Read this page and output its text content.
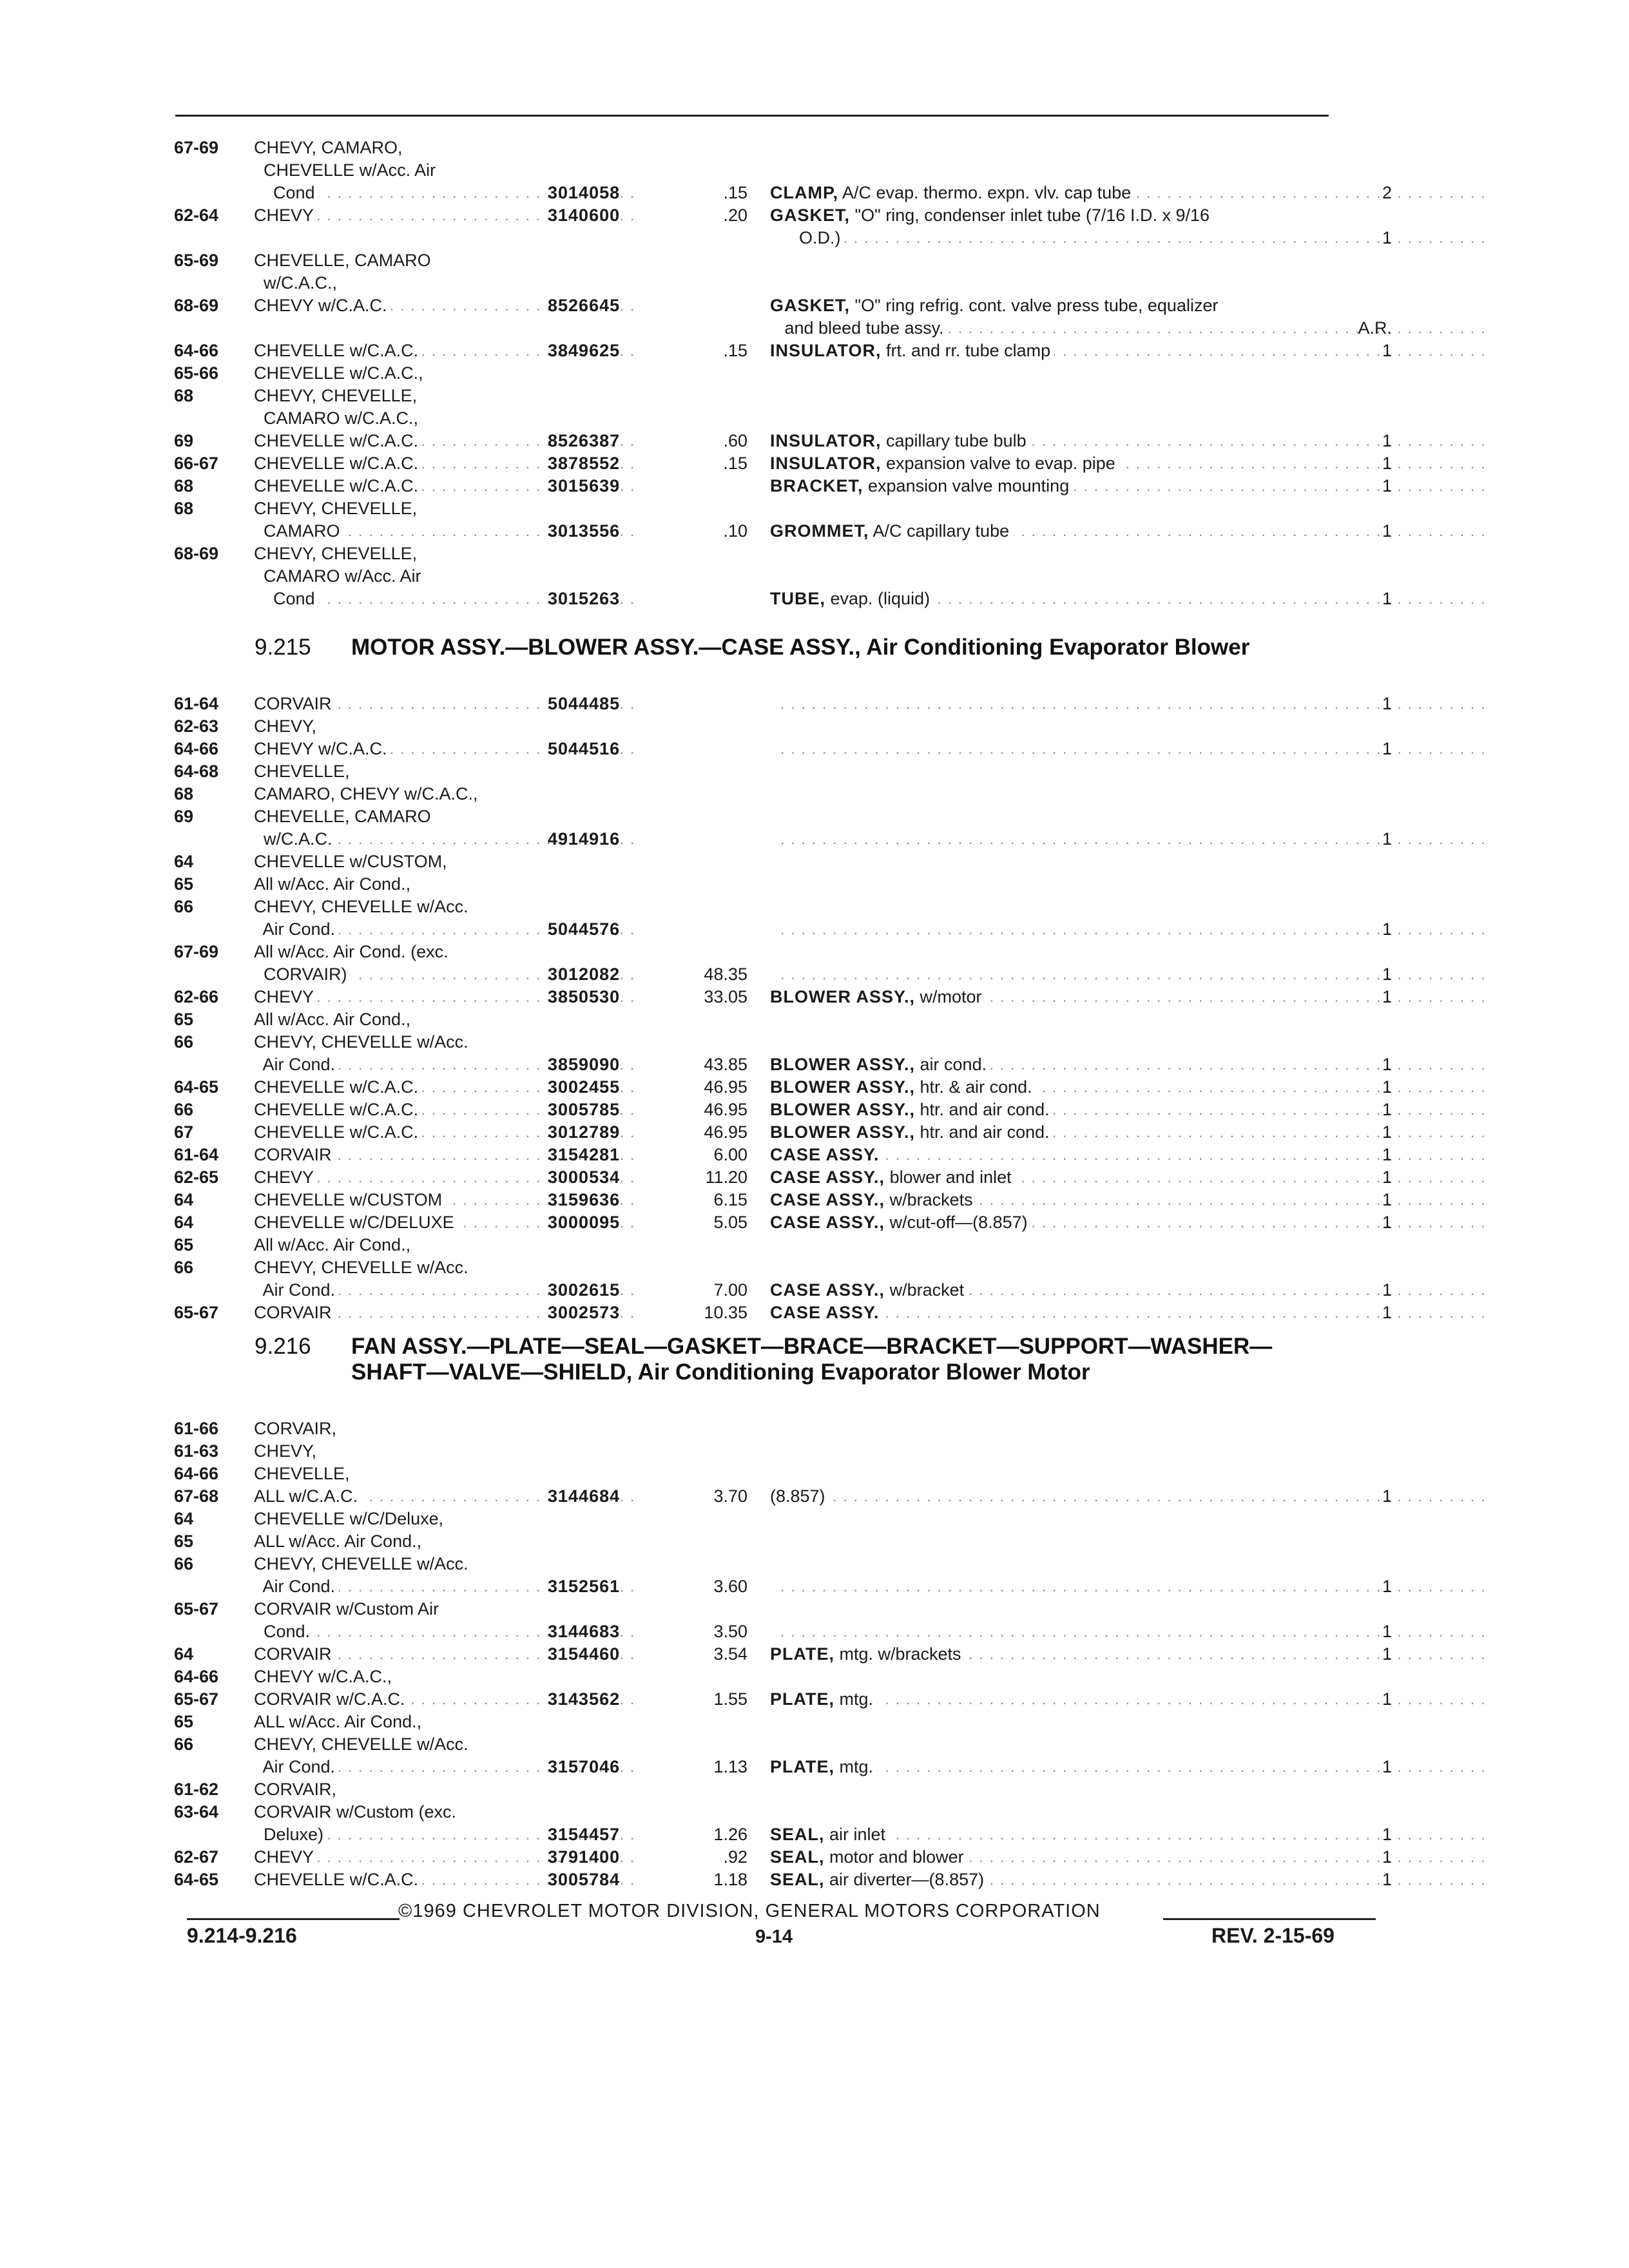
67-69	CHEVY, CAMARO,
CHEVELLE w/Acc. Air
Cond . . .	3014058	.15 CLAMP, A/C evap. thermo. expn. vlv. cap tube . . .	2
62-64	CHEVY . . .	3140600	.20 GASKET, "O" ring, condenser inlet tube (7/16 I.D. x 9/16
O.D.) . . .	1
65-69	CHEVELLE, CAMARO
w/C.A.C.,
68-69	CHEVY w/C.A.C. . . .	8526645	GASKET, "O" ring refrig. cont. valve press tube, equalizer
and bleed tube assy. . . .	A.R.
64-66	CHEVELLE w/C.A.C. . . .	3849625	.15 INSULATOR, frt. and rr. tube clamp . . .	1
65-66	CHEVELLE w/C.A.C.,
68	CHEVY, CHEVELLE,
CAMARO w/C.A.C.,
69	CHEVELLE w/C.A.C. . . .	8526387	.60 INSULATOR, capillary tube bulb . . .	1
66-67	CHEVELLE w/C.A.C. . . .	3878552	.15 INSULATOR, expansion valve to evap. pipe . . .	1
68	CHEVELLE w/C.A.C. . . .	3015639	BRACKET, expansion valve mounting . . .	1
68	CHEVY, CHEVELLE,
CAMARO . . .	3013556	.10 GROMMET, A/C capillary tube . . .	1
68-69	CHEVY, CHEVELLE,
CAMARO w/Acc. Air
Cond . . .	3015263	TUBE, evap. (liquid) . . .	1
9.215 MOTOR ASSY.—BLOWER ASSY.—CASE ASSY., Air Conditioning Evaporator Blower
61-64	CORVAIR . . .	5044485 . . .	1
62-63	CHEVY,
64-66	CHEVY w/C.A.C. . . .	5044516 . . .	1
64-68	CHEVELLE,
68	CAMARO, CHEVY w/C.A.C.,
69	CHEVELLE, CAMARO
w/C.A.C. . . .	4914916 . . .	1
64	CHEVELLE w/CUSTOM,
65	All w/Acc. Air Cond.,
66	CHEVY, CHEVELLE w/Acc.
Air Cond. . . .	5044576 . . .	1
67-69	All w/Acc. Air Cond. (exc.
CORVAIR) . . .	3012082	48.35 . . .	1
62-66	CHEVY . . .	3850530	33.05 BLOWER ASSY., w/motor . . .	1
65	All w/Acc. Air Cond.,
66	CHEVY, CHEVELLE w/Acc.
Air Cond. . . .	3859090	43.85 BLOWER ASSY., air cond. . . .	1
64-65	CHEVELLE w/C.A.C. . . .	3002455	46.95 BLOWER ASSY., htr. & air cond. . . .	1
66	CHEVELLE w/C.A.C. . . .	3005785	46.95 BLOWER ASSY., htr. and air cond. . . .	1
67	CHEVELLE w/C.A.C. . . .	3012789	46.95 BLOWER ASSY., htr. and air cond. . . .	1
61-64	CORVAIR . . .	3154281	6.00 CASE ASSY. . . .	1
62-65	CHEVY . . .	3000534	11.20 CASE ASSY., blower and inlet . . .	1
64	CHEVELLE w/CUSTOM . . .	3159636	6.15 CASE ASSY., w/brackets . . .	1
64	CHEVELLE w/C/DELUXE . . .	3000095	5.05 CASE ASSY., w/cut-off—(8.857) . . .	1
65	All w/Acc. Air Cond.,
66	CHEVY, CHEVELLE w/Acc.
Air Cond. . . .	3002615	7.00 CASE ASSY., w/bracket . . .	1
65-67	CORVAIR . . .	3002573	10.35 CASE ASSY. . . .	1
9.216 FAN ASSY.—PLATE—SEAL—GASKET—BRACE—BRACKET—SUPPORT—WASHER—SHAFT—VALVE—SHIELD, Air Conditioning Evaporator Blower Motor
61-66	CORVAIR,
61-63	CHEVY,
64-66	CHEVELLE,
67-68	ALL w/C.A.C. . . .	3144684	3.70 (8.857) . . .	1
64	CHEVELLE w/C/Deluxe,
65	ALL w/Acc. Air Cond.,
66	CHEVY, CHEVELLE w/Acc.
Air Cond. . . .	3152561	3.60 . . .	1
65-67	CORVAIR w/Custom Air
Cond. . . .	3144683	3.50 . . .	1
64	CORVAIR . . .	3154460	3.54 PLATE, mtg. w/brackets . . .	1
64-66	CHEVY w/C.A.C.,
65-67	CORVAIR w/C.A.C. . . .	3143562	1.55 PLATE, mtg. . . .	1
65	ALL w/Acc. Air Cond.,
66	CHEVY, CHEVELLE w/Acc.
Air Cond. . . .	3157046	1.13 PLATE, mtg. . . .	1
61-62	CORVAIR,
63-64	CORVAIR w/Custom (exc.
Deluxe) . . .	3154457	1.26 SEAL, air inlet . . .	1
62-67	CHEVY . . .	3791400	.92 SEAL, motor and blower . . .	1
64-65	CHEVELLE w/C.A.C. . . .	3005784	1.18 SEAL, air diverter—(8.857) . . .	1
©1969 CHEVROLET MOTOR DIVISION, GENERAL MOTORS CORPORATION
9.214-9.216	9-14	REV. 2-15-69
